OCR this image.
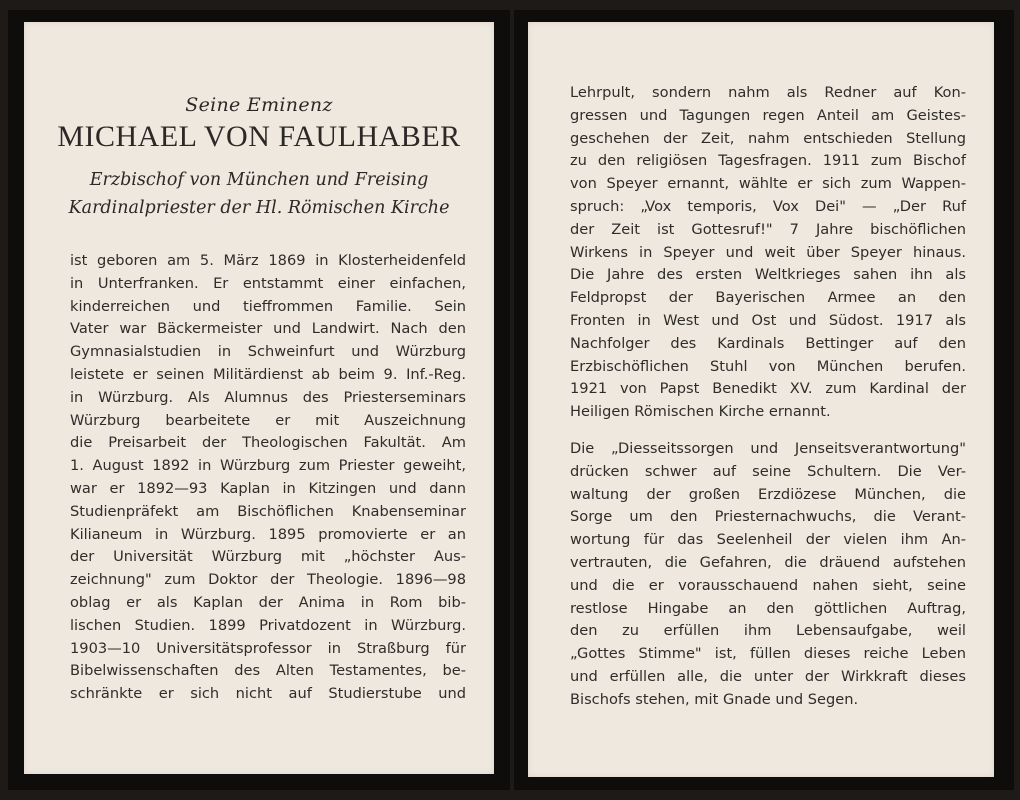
Seine Eminenz
MICHAEL VON FAULHABER
Erzbischof von München und Freising
Kardinalpriester der Hl. Römischen Kirche
ist geboren am 5. März 1869 in Klosterheidenfeld
in Unterfranken. Er entstammt einer einfachen,
kinderreichen und tieffrommen Familie. Sein
Vater war Bäckermeister und Landwirt. Nach den
Gymnasialstudien in Schweinfurt und Würzburg
leistete er seinen Militärdienst ab beim 9. Inf.-Reg.
in Würzburg. Als Alumnus des Priesterseminars
Würzburg bearbeitete er mit Auszeichnung
die Preisarbeit der Theologischen Fakultät. Am
1. August 1892 in Würzburg zum Priester geweiht,
war er 1892—93 Kaplan in Kitzingen und dann
Studienpräfekt am Bischöflichen Knabenseminar
Kilianeum in Würzburg. 1895 promovierte er an
der Universität Würzburg mit „höchster Aus-
zeichnung" zum Doktor der Theologie. 1896—98
oblag er als Kaplan der Anima in Rom bib-
lischen Studien. 1899 Privatdozent in Würzburg.
1903—10 Universitätsprofessor in Straßburg für
Bibelwissenschaften des Alten Testamentes, be-
schränkte er sich nicht auf Studierstube und
Lehrpult, sondern nahm als Redner auf Kon-
gressen und Tagungen regen Anteil am Geistes-
geschehen der Zeit, nahm entschieden Stellung
zu den religiösen Tagesfragen. 1911 zum Bischof
von Speyer ernannt, wählte er sich zum Wappen-
spruch: „Vox temporis, Vox Dei" — „Der Ruf
der Zeit ist Gottesruf!" 7 Jahre bischöflichen
Wirkens in Speyer und weit über Speyer hinaus.
Die Jahre des ersten Weltkrieges sahen ihn als
Feldpropst der Bayerischen Armee an den
Fronten in West und Ost und Südost. 1917 als
Nachfolger des Kardinals Bettinger auf den
Erzbischöflichen Stuhl von München berufen.
1921 von Papst Benedikt XV. zum Kardinal der
Heiligen Römischen Kirche ernannt.
Die „Diesseitssorgen und Jenseitsverantwortung"
drücken schwer auf seine Schultern. Die Ver-
waltung der großen Erzdiözese München, die
Sorge um den Priesternachwuchs, die Verant-
wortung für das Seelenheil der vielen ihm An-
vertrauten, die Gefahren, die dräuend aufstehen
und die er vorausschauend nahen sieht, seine
restlose Hingabe an den göttlichen Auftrag,
den zu erfüllen ihm Lebensaufgabe, weil
„Gottes Stimme" ist, füllen dieses reiche Leben
und erfüllen alle, die unter der Wirkkraft dieses
Bischofs stehen, mit Gnade und Segen.
